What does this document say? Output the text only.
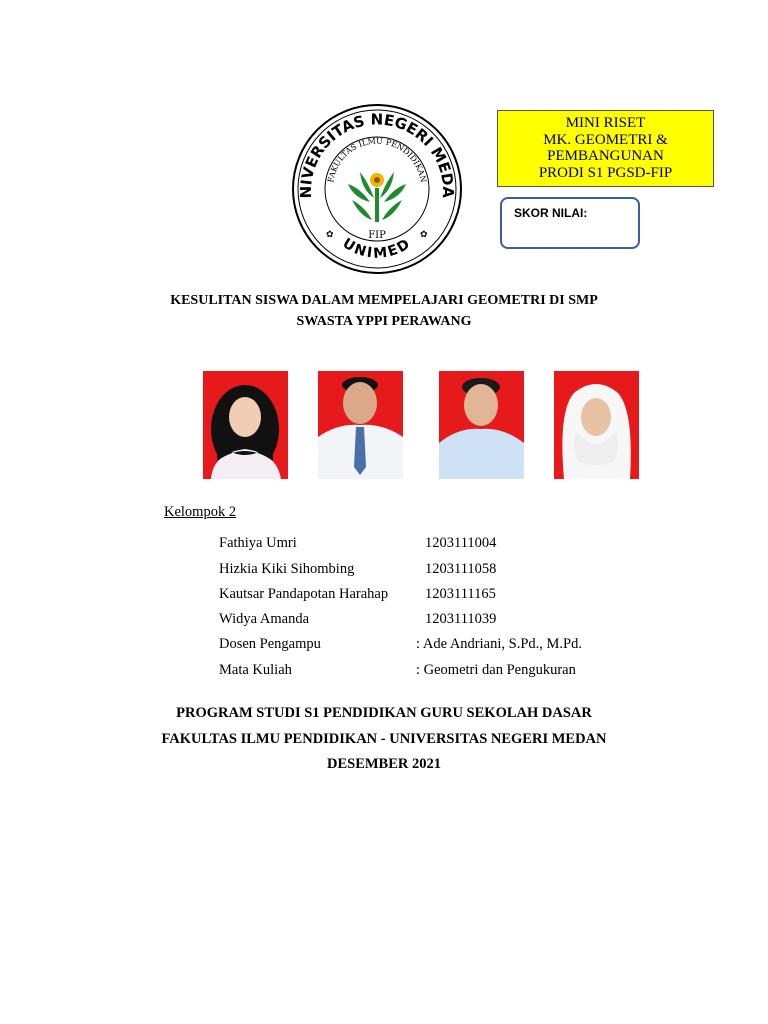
NIVERSITAS NEGERI MEDA
FAKULTAS ILMU PENDIDIKAN
UNIMED
FIP
✿	✿
MINI RISET
MK. GEOMETRI &
PEMBANGUNAN
PRODI S1 PGSD-FIP
SKOR NILAI:
KESULITAN SISWA DALAM MEMPELAJARI GEOMETRI DI SMP
SWASTA YPPI PERAWANG
Kelompok 2
Fathiya Umri	1203111004
Hizkia Kiki Sihombing	1203111058
Kautsar Pandapotan Harahap	1203111165
Widya Amanda	1203111039
Dosen Pengampu	: Ade Andriani, S.Pd., M.Pd.
Mata Kuliah	: Geometri dan Pengukuran
PROGRAM STUDI S1 PENDIDIKAN GURU SEKOLAH DASAR
FAKULTAS ILMU PENDIDIKAN - UNIVERSITAS NEGERI MEDAN
DESEMBER 2021
